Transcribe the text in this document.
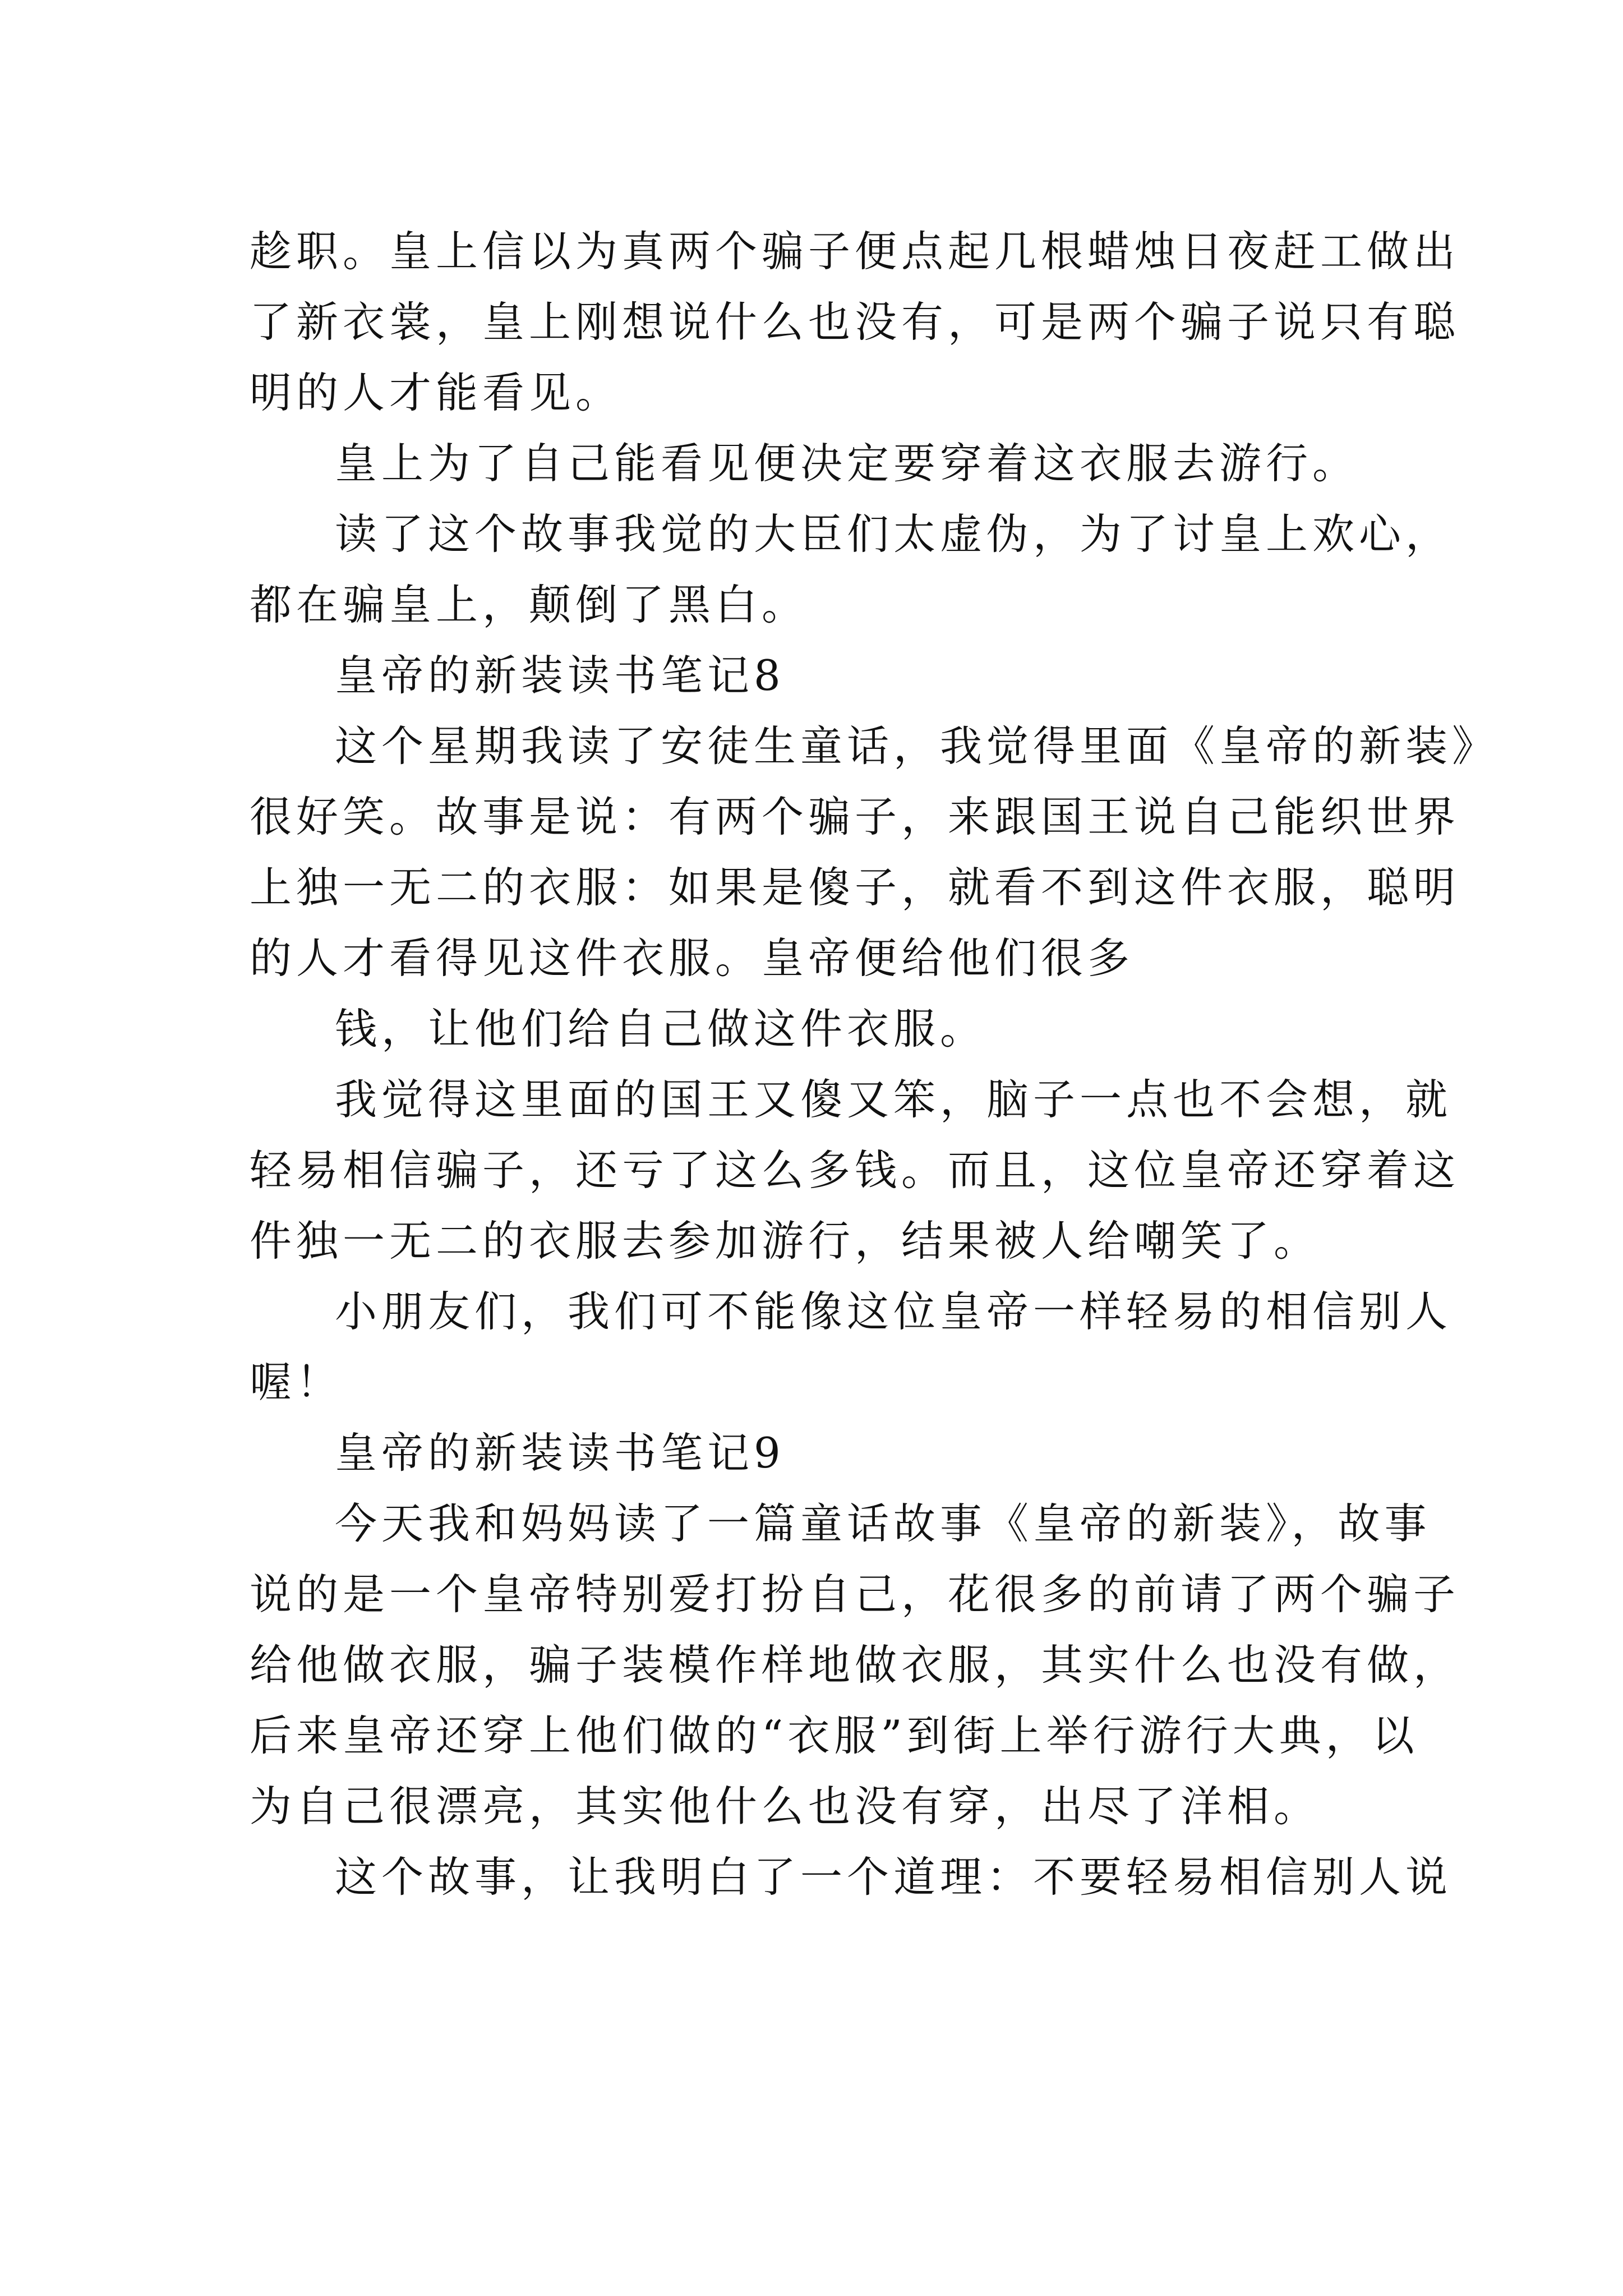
趁职。皇上信以为真两个骗子便点起几根蜡烛日夜赶工做出
了新衣裳，皇上刚想说什么也没有，可是两个骗子说只有聪
明的人才能看见。
皇上为了自己能看见便决定要穿着这衣服去游行。
读了这个故事我觉的大臣们太虚伪，为了讨皇上欢心，
都在骗皇上，颠倒了黑白。
皇帝的新装读书笔记8
这个星期我读了安徒生童话，我觉得里面《皇帝的新装》
很好笑。故事是说：有两个骗子，来跟国王说自己能织世界
上独一无二的衣服：如果是傻子，就看不到这件衣服，聪明
的人才看得见这件衣服。皇帝便给他们很多
钱，让他们给自己做这件衣服。
我觉得这里面的国王又傻又笨，脑子一点也不会想，就
轻易相信骗子，还亏了这么多钱。而且，这位皇帝还穿着这
件独一无二的衣服去参加游行，结果被人给嘲笑了。
小朋友们，我们可不能像这位皇帝一样轻易的相信别人
喔！
皇帝的新装读书笔记9
今天我和妈妈读了一篇童话故事《皇帝的新装》，故事
说的是一个皇帝特别爱打扮自己，花很多的前请了两个骗子
给他做衣服，骗子装模作样地做衣服，其实什么也没有做，
后来皇帝还穿上他们做的“衣服”到街上举行游行大典，以
为自己很漂亮，其实他什么也没有穿，出尽了洋相。
这个故事，让我明白了一个道理：不要轻易相信别人说
